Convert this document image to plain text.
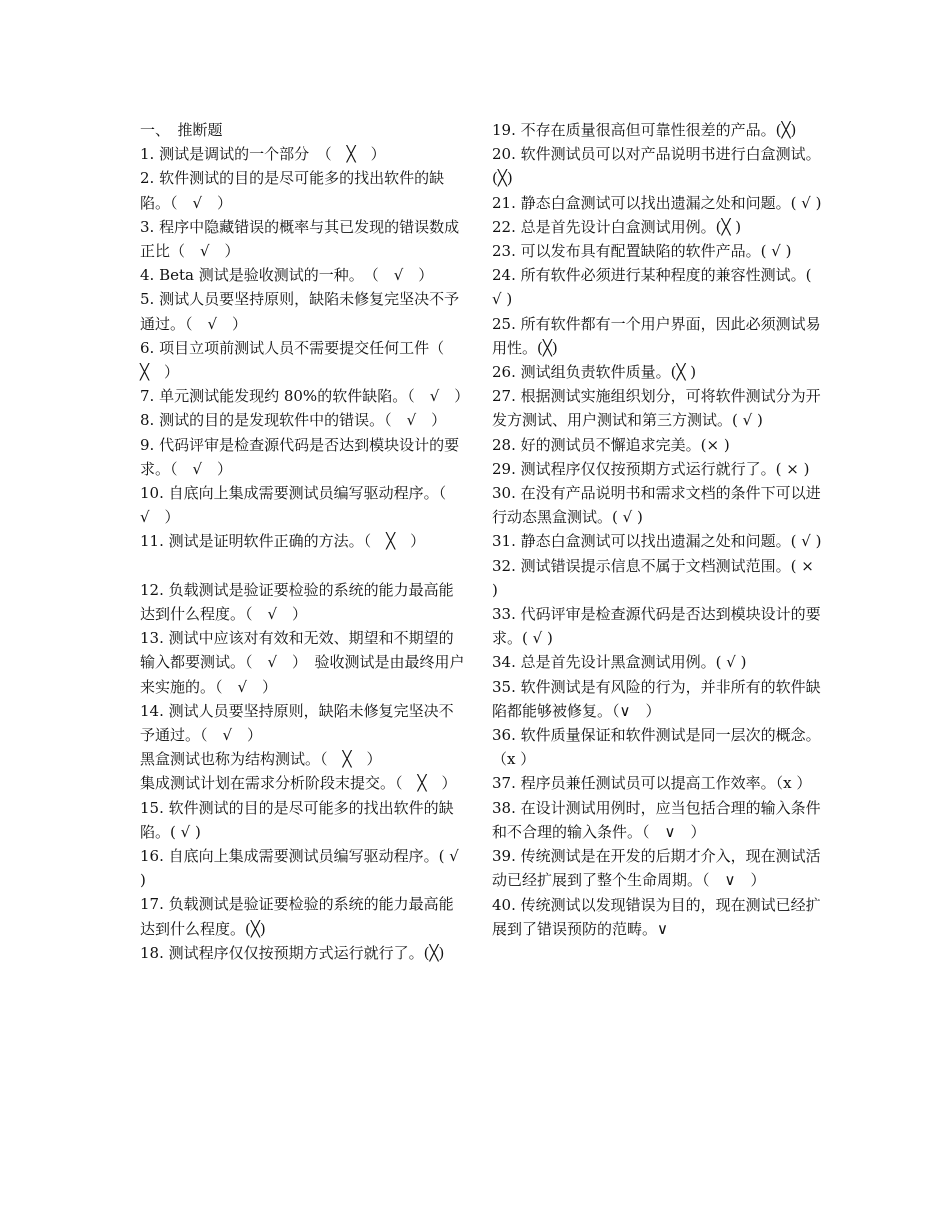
一、　推断题

1. 测试是调试的一个部分　（　╳　）

2. 软件测试的目的是尽可能多的找出软件的缺陷。（　√　）

3. 程序中隐藏错误的概率与其已发现的错误数成正比（　√　）

4. Beta 测试是验收测试的一种。　（　√　）

5. 测试人员要坚持原则，缺陷未修复完坚决不予通过。（　√　）

6. 项目立项前测试人员不需要提交任何工件（　╳　）

7. 单元测试能发现约 80%的软件缺陷。（　√　）

8. 测试的目的是发现软件中的错误。（　√　）

9. 代码评审是检查源代码是否达到模块设计的要求。（　√　）

10. 自底向上集成需要测试员编写驱动程序。（　√　）

11. 测试是证明软件正确的方法。（　╳　）

12. 负载测试是验证要检验的系统的能力最高能达到什么程度。（　√　）

13. 测试中应该对有效和无效、期望和不期望的输入都要测试。（　√　）　验收测试是由最终用户来实施的。（　√　）

14. 测试人员要坚持原则，缺陷未修复完坚决不予通过。（　√　）

黑盒测试也称为结构测试。（　╳　）

集成测试计划在需求分析阶段末提交。（　╳　）

15. 软件测试的目的是尽可能多的找出软件的缺陷。( √ )

16. 自底向上集成需要测试员编写驱动程序。( √ )

17. 负载测试是验证要检验的系统的能力最高能达到什么程度。(╳)

18. 测试程序仅仅按预期方式运行就行了。(╳)

19. 不存在质量很高但可靠性很差的产品。(╳)

20. 软件测试员可以对产品说明书进行白盒测试。(╳)

21. 静态白盒测试可以找出遗漏之处和问题。( √ )

22. 总是首先设计白盒测试用例。(╳ )

23. 可以发布具有配置缺陷的软件产品。( √ )

24. 所有软件必须进行某种程度的兼容性测试。( √ )

25. 所有软件都有一个用户界面，因此必须测试易用性。(╳)

26. 测试组负责软件质量。(╳ )

27. 根据测试实施组织划分，可将软件测试分为开发方测试、用户测试和第三方测试。( √ )

28. 好的测试员不懈追求完美。(× )

29. 测试程序仅仅按预期方式运行就行了。( × )

30. 在没有产品说明书和需求文档的条件下可以进行动态黑盒测试。( √ )

31. 静态白盒测试可以找出遗漏之处和问题。( √ )

32. 测试错误提示信息不属于文档测试范围。( × )

33. 代码评审是检查源代码是否达到模块设计的要求。( √ )

34. 总是首先设计黑盒测试用例。( √ )

35. 软件测试是有风险的行为，并非所有的软件缺陷都能够被修复。（∨　）

36. 软件质量保证和软件测试是同一层次的概念。（x ）

37. 程序员兼任测试员可以提高工作效率。（x ）

38. 在设计测试用例时，应当包括合理的输入条件和不合理的输入条件。（　∨　）

39. 传统测试是在开发的后期才介入，现在测试活动已经扩展到了整个生命周期。（　∨　）

40. 传统测试以发现错误为目的，现在测试已经扩展到了错误预防的范畴。∨
